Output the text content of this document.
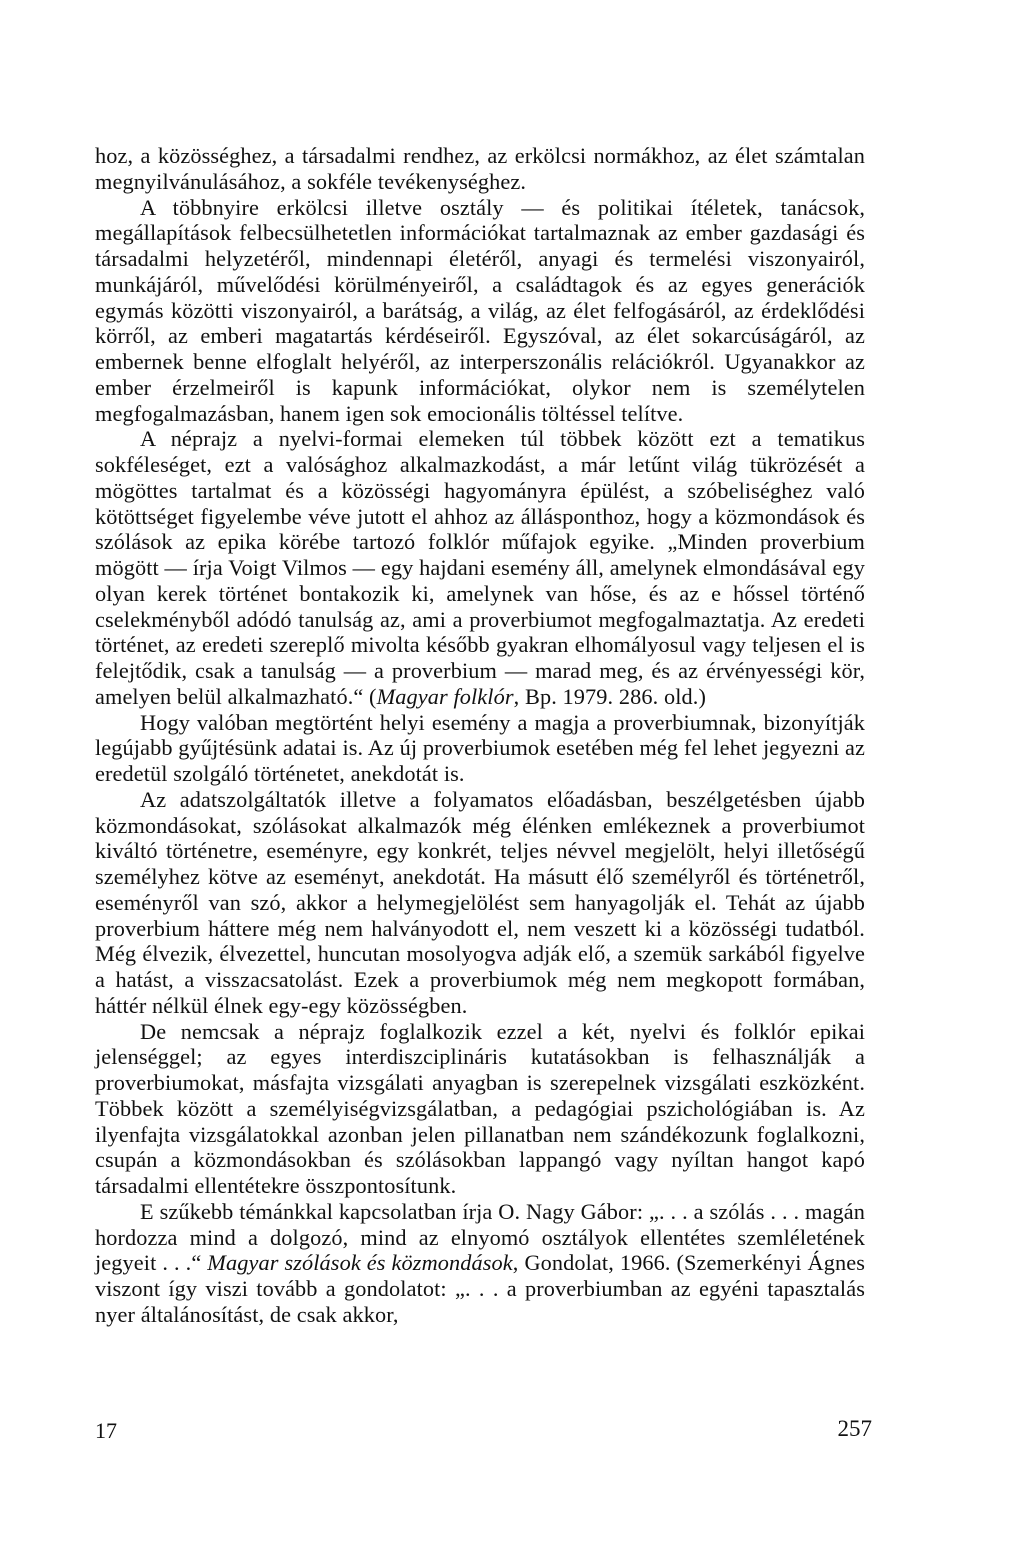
hoz, a közösséghez, a társadalmi rendhez, az erkölcsi normákhoz, az élet számtalan megnyilvánulásához, a sokféle tevékenységhez.

A többnyire erkölcsi illetve osztály — és politikai ítéletek, tanácsok, megállapítások felbecsülhetetlen információkat tartalmaznak az ember gazdasági és társadalmi helyzetéről, mindennapi életéről, anyagi és termelési viszonyairól, munkájáról, művelődési körülményeiről, a családtagok és az egyes generációk egymás közötti viszonyairól, a barátság, a világ, az élet felfogásáról, az érdeklődési körről, az emberi magatartás kérdéseiről. Egyszóval, az élet sokarcúságáról, az embernek benne elfoglalt helyéről, az interperszonális relációkról. Ugyanakkor az ember érzelmeiről is kapunk információkat, olykor nem is személytelen megfogalmazásban, hanem igen sok emocionális töltéssel telítve.

A néprajz a nyelvi-formai elemeken túl többek között ezt a tematikus sokféleséget, ezt a valósághoz alkalmazkodást, a már letűnt világ tükrözését a mögöttes tartalmat és a közösségi hagyományra épülést, a szóbeliséghez való kötöttséget figyelembe véve jutott el ahhoz az állásponthoz, hogy a közmondások és szólások az epika körébe tartozó folklór műfajok egyike. „Minden proverbium mögött — írja Voigt Vilmos — egy hajdani esemény áll, amelynek elmondásával egy olyan kerek történet bontakozik ki, amelynek van hőse, és az e hőssel történő cselekményből adódó tanulság az, ami a proverbiumot megfogalmaztatja. Az eredeti történet, az eredeti szereplő mivolta később gyakran elhomályosul vagy teljesen el is felejtődik, csak a tanulság — a proverbium — marad meg, és az érvényességi kör, amelyen belül alkalmazható.“ (Magyar folklór, Bp. 1979. 286. old.)

Hogy valóban megtörtént helyi esemény a magja a proverbiumnak, bizonyítják legújabb gyűjtésünk adatai is. Az új proverbiumok esetében még fel lehet jegyezni az eredetül szolgáló történetet, anekdotát is.

Az adatszolgáltatók illetve a folyamatos előadásban, beszélgetésben újabb közmondásokat, szólásokat alkalmazók még élénken emlékeznek a proverbiumot kiváltó történetre, eseményre, egy konkrét, teljes névvel megjelölt, helyi illetőségű személyhez kötve az eseményt, anekdotát. Ha másutt élő személyről és történetről, eseményről van szó, akkor a helymegjelölést sem hanyagolják el. Tehát az újabb proverbium háttere még nem halványodott el, nem veszett ki a közösségi tudatból. Még élvezik, élvezettel, huncutan mosolyogva adják elő, a szemük sarkából figyelve a hatást, a visszacsatolást. Ezek a proverbiumok még nem megkopott formában, háttér nélkül élnek egy-egy közösségben.

De nemcsak a néprajz foglalkozik ezzel a két, nyelvi és folklór epikai jelenséggel; az egyes interdiszciplináris kutatásokban is felhasználják a proverbiumokat, másfajta vizsgálati anyagban is szerepelnek vizsgálati eszközként. Többek között a személyiségvizsgálatban, a pedagógiai pszichológiában is. Az ilyenfajta vizsgálatokkal azonban jelen pillanatban nem szándékozunk foglalkozni, csupán a közmondásokban és szólásokban lappangó vagy nyíltan hangot kapó társadalmi ellentétekre összpontosítunk.

E szűkebb témánkkal kapcsolatban írja O. Nagy Gábor: „. . . a szólás . . . magán hordozza mind a dolgozó, mind az elnyomó osztályok ellentétes szemléletének jegyeit . . .“ Magyar szólások és közmondások, Gondolat, 1966. (Szemerkényi Ágnes viszont így viszi tovább a gondolatot: „. . . a proverbiumban az egyéni tapasztalás nyer általánosítást, de csak akkor,

17	257
